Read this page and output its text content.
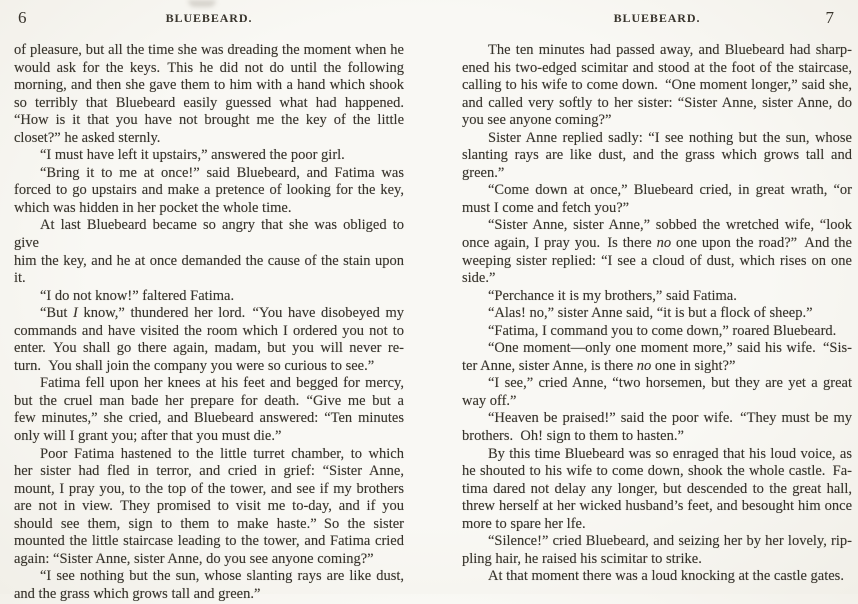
6	BLUEBEARD.
of pleasure, but all the time she was dreading the moment when he
would ask for the keys. This he did not do until the following
morning, and then she gave them to him with a hand which shook
so terribly that Bluebeard easily guessed what had happened.
“How is it that you have not brought me the key of the little
closet?” he asked sternly.
“I must have left it upstairs,” answered the poor girl.
“Bring it to me at once!” said Bluebeard, and Fatima was
forced to go upstairs and make a pretence of looking for the key,
which was hidden in her pocket the whole time.
At last Bluebeard became so angry that she was obliged to give
him the key, and he at once demanded the cause of the stain upon
it.
“I do not know!” faltered Fatima.
“But I know,” thundered her lord. “You have disobeyed my
commands and have visited the room which I ordered you not to
enter. You shall go there again, madam, but you will never re-
turn. You shall join the company you were so curious to see.”
Fatima fell upon her knees at his feet and begged for mercy,
but the cruel man bade her prepare for death. “Give me but a
few minutes,” she cried, and Bluebeard answered: “Ten minutes
only will I grant you; after that you must die.”
Poor Fatima hastened to the little turret chamber, to which
her sister had fled in terror, and cried in grief: “Sister Anne,
mount, I pray you, to the top of the tower, and see if my brothers
are not in view. They promised to visit me to-day, and if you
should see them, sign to them to make haste.” So the sister
mounted the little staircase leading to the tower, and Fatima cried
again: “Sister Anne, sister Anne, do you see anyone coming?”
“I see nothing but the sun, whose slanting rays are like dust,
and the grass which grows tall and green.”
BLUEBEARD.	7
The ten minutes had passed away, and Bluebeard had sharp-
ened his two-edged scimitar and stood at the foot of the staircase,
calling to his wife to come down. “One moment longer,” said she,
and called very softly to her sister: “Sister Anne, sister Anne, do
you see anyone coming?”
Sister Anne replied sadly: “I see nothing but the sun, whose
slanting rays are like dust, and the grass which grows tall and
green.”
“Come down at once,” Bluebeard cried, in great wrath, “or
must I come and fetch you?”
“Sister Anne, sister Anne,” sobbed the wretched wife, “look
once again, I pray you. Is there no one upon the road?” And the
weeping sister replied: “I see a cloud of dust, which rises on one
side.”
“Perchance it is my brothers,” said Fatima.
“Alas! no,” sister Anne said, “it is but a flock of sheep.”
“Fatima, I command you to come down,” roared Bluebeard.
“One moment—only one moment more,” said his wife. “Sis-
ter Anne, sister Anne, is there no one in sight?”
“I see,” cried Anne, “two horsemen, but they are yet a great
way off.”
“Heaven be praised!” said the poor wife. “They must be my
brothers. Oh! sign to them to hasten.”
By this time Bluebeard was so enraged that his loud voice, as
he shouted to his wife to come down, shook the whole castle. Fa-
tima dared not delay any longer, but descended to the great hall,
threw herself at her wicked husband’s feet, and besought him once
more to spare her lfe.
“Silence!” cried Bluebeard, and seizing her by her lovely, rip-
pling hair, he raised his scimitar to strike.
At that moment there was a loud knocking at the castle gates.
